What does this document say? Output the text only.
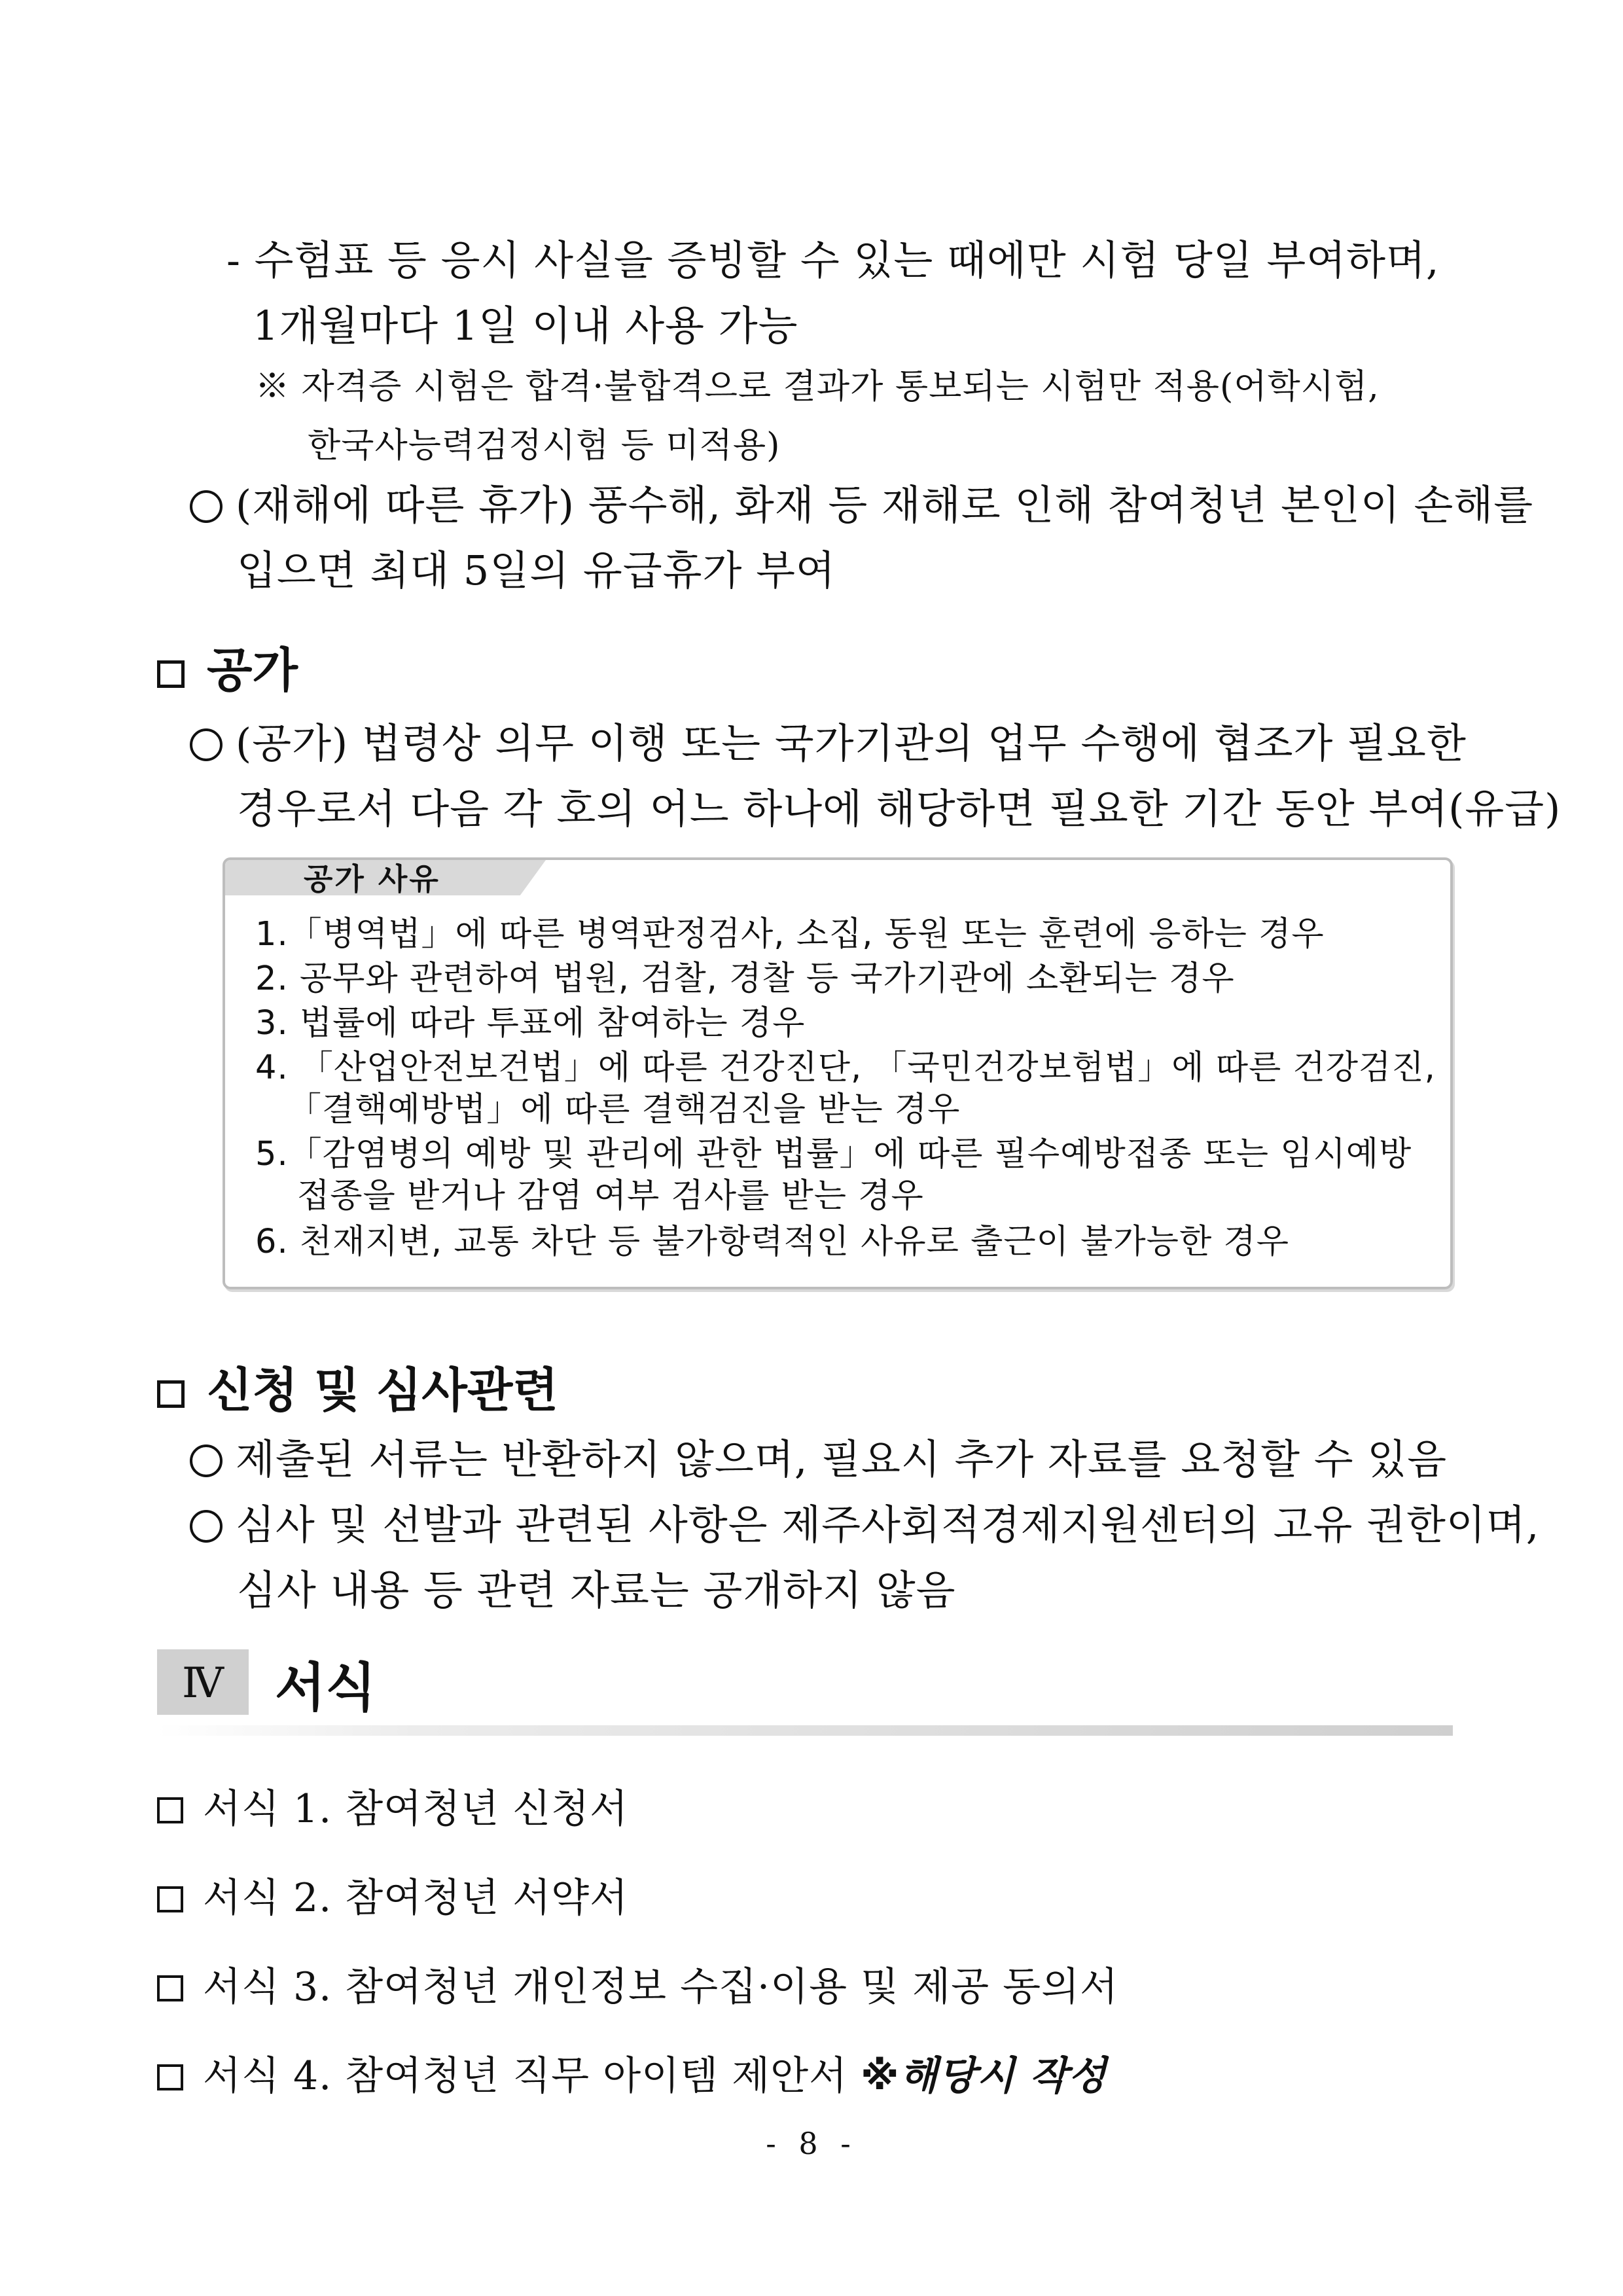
- 수험표 등 응시 사실을 증빙할 수 있는 때에만 시험 당일 부여하며,
1개월마다 1일 이내 사용 가능
※ 자격증 시험은 합격·불합격으로 결과가 통보되는 시험만 적용(어학시험,
한국사능력검정시험 등 미적용)
(재해에 따른 휴가) 풍수해, 화재 등 재해로 인해 참여청년 본인이 손해를
입으면 최대 5일의 유급휴가 부여
공가
(공가) 법령상 의무 이행 또는 국가기관의 업무 수행에 협조가 필요한
경우로서 다음 각 호의 어느 하나에 해당하면 필요한 기간 동안 부여(유급)
공가 사유
1.「병역법」에 따른 병역판정검사, 소집, 동원 또는 훈련에 응하는 경우
2. 공무와 관련하여 법원, 검찰, 경찰 등 국가기관에 소환되는 경우
3. 법률에 따라 투표에 참여하는 경우
4. 「산업안전보건법」에 따른 건강진단, 「국민건강보험법」에 따른 건강검진,
「결핵예방법」에 따른 결핵검진을 받는 경우
5.「감염병의 예방 및 관리에 관한 법률」에 따른 필수예방접종 또는 임시예방
접종을 받거나 감염 여부 검사를 받는 경우
6. 천재지변, 교통 차단 등 불가항력적인 사유로 출근이 불가능한 경우
신청 및 심사관련
제출된 서류는 반환하지 않으며, 필요시 추가 자료를 요청할 수 있음
심사 및 선발과 관련된 사항은 제주사회적경제지원센터의 고유 권한이며,
심사 내용 등 관련 자료는 공개하지 않음
Ⅳ 서식
서식 1. 참여청년 신청서
서식 2. 참여청년 서약서
서식 3. 참여청년 개인정보 수집·이용 및 제공 동의서
서식 4. 참여청년 직무 아이템 제안서 ※해당시 작성
- 8 -
